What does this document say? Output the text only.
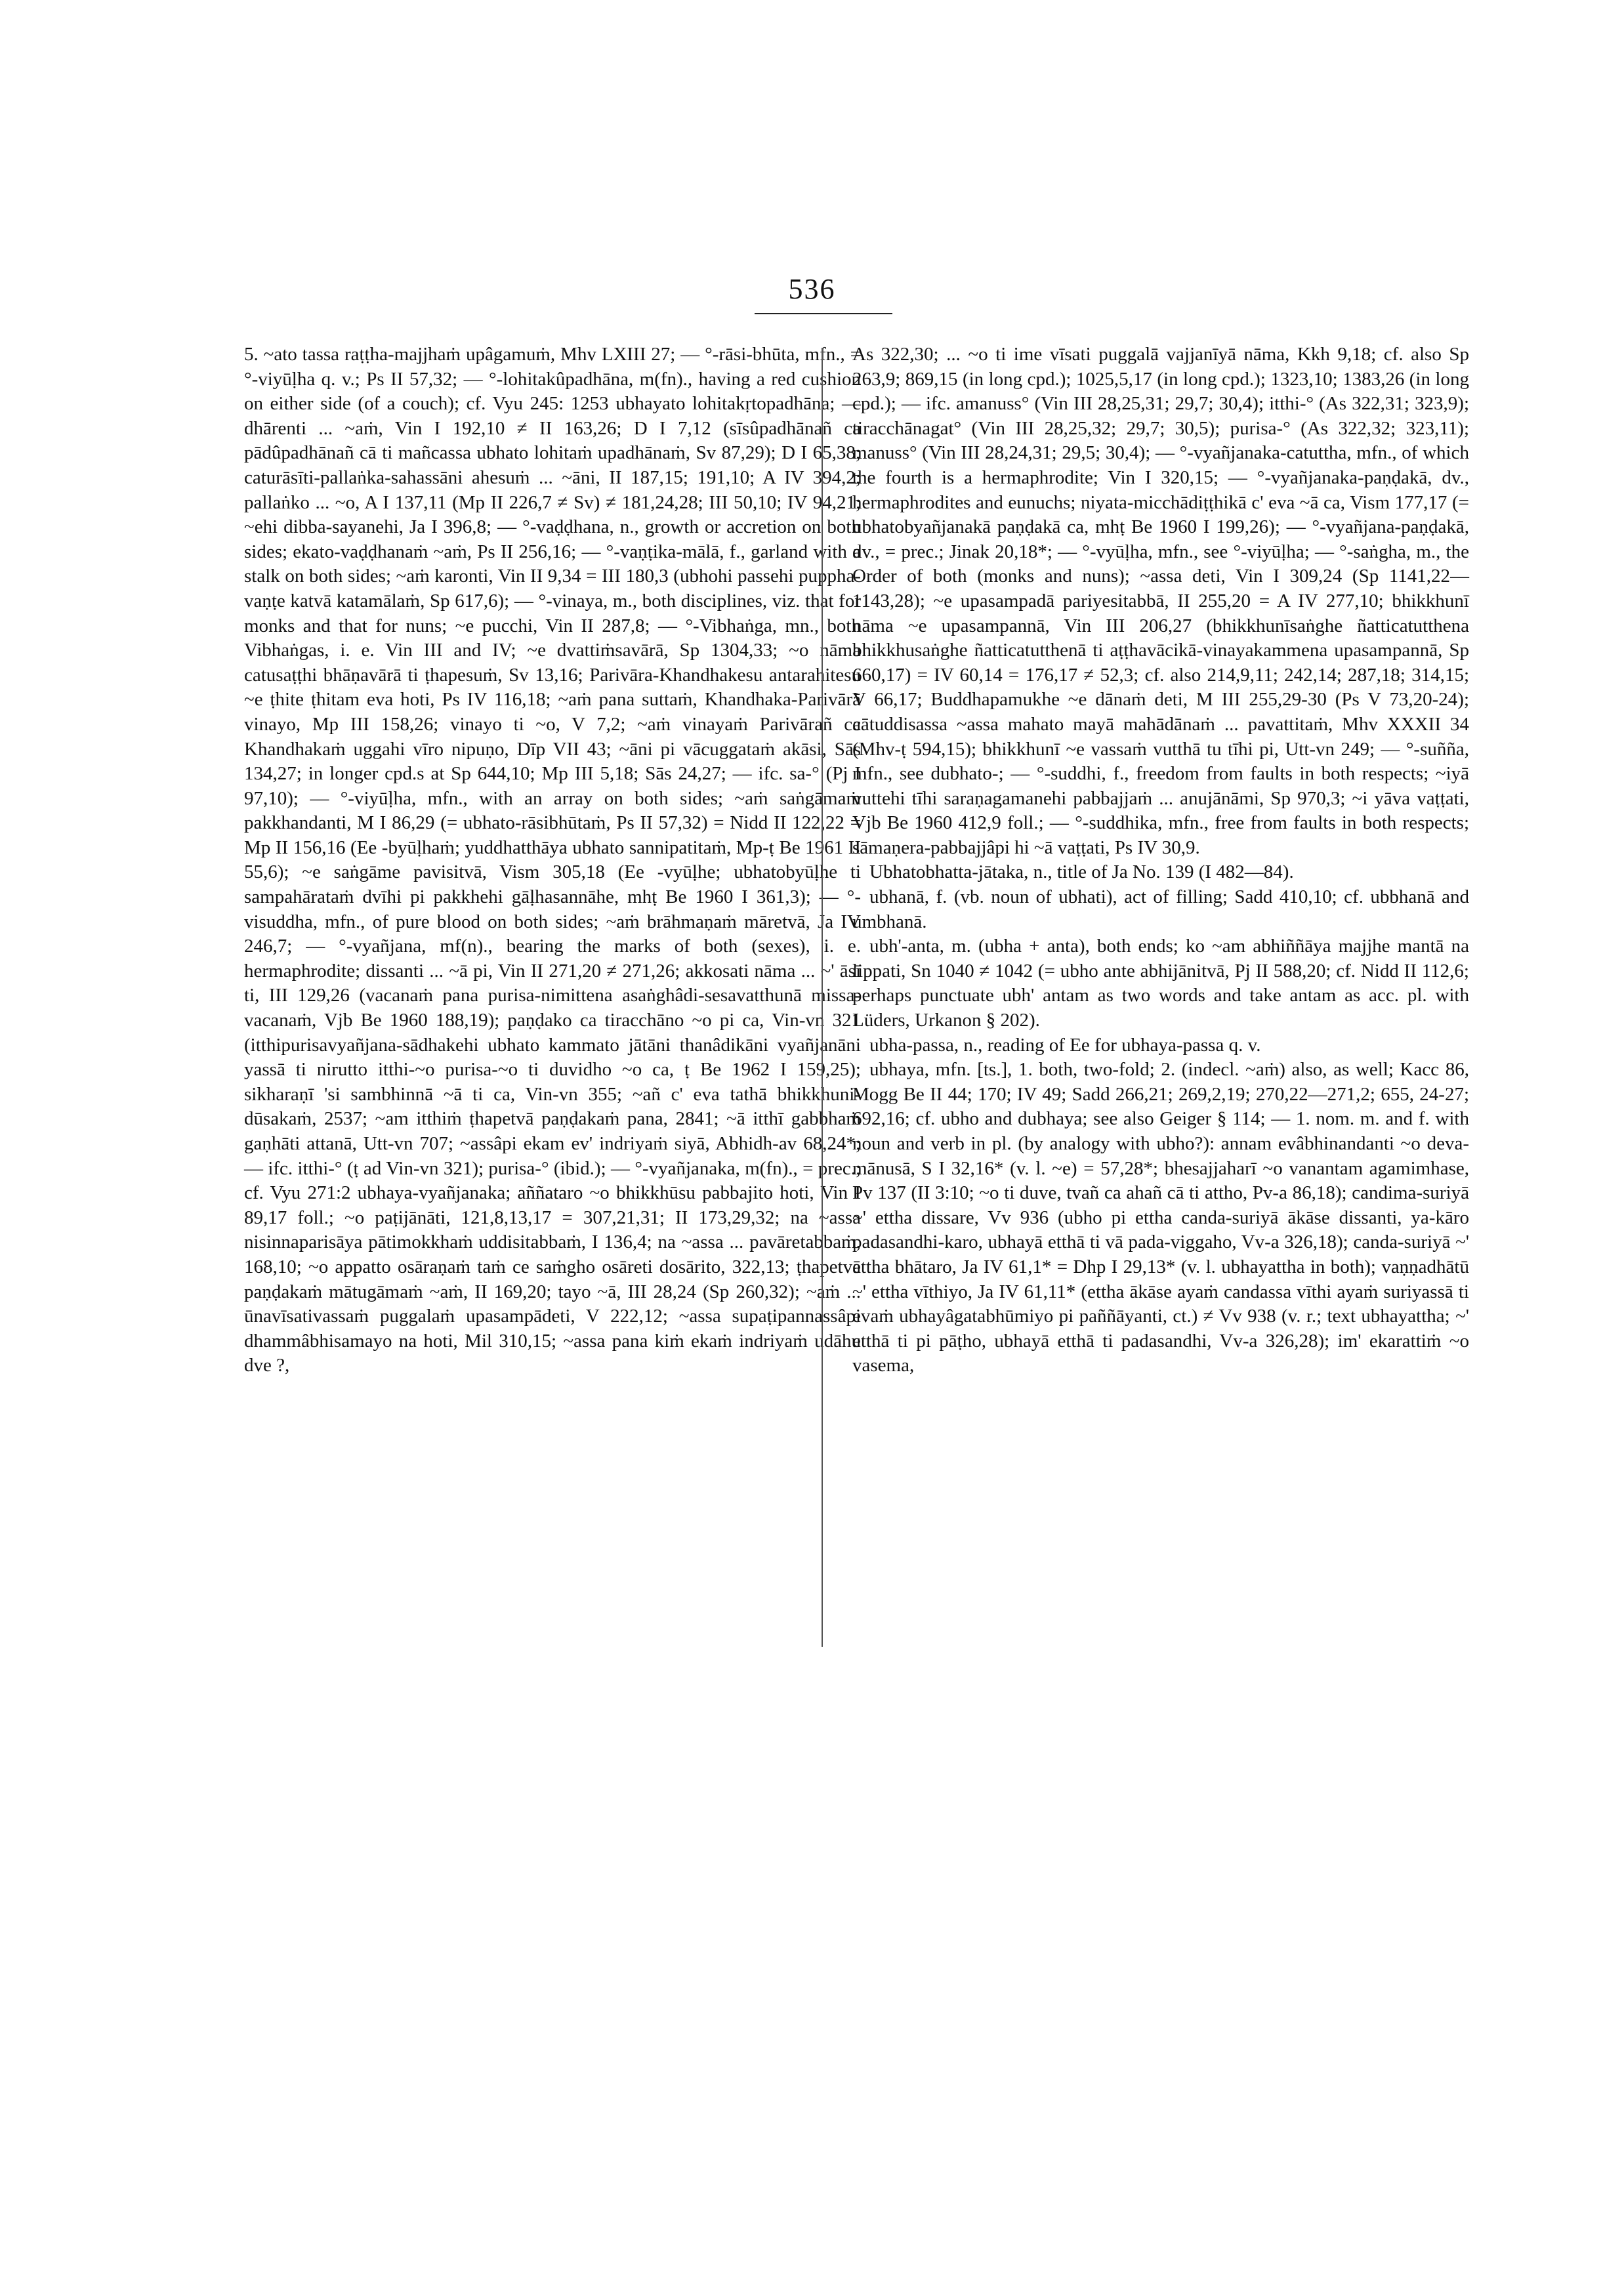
536

5. ~ato tassa raṭṭha-majjhaṁ upâgamuṁ, Mhv LXIII 27; — °-rāsi-bhūta, mfn., = °-viyūḷha q. v.; Ps II 57,32; — °-lohitakûpadhāna, m(fn)., having a red cushion on either side (of a couch); cf. Vyu 245: 1253 ubhayato lohitakṛtopadhāna; — dhārenti ... ~aṁ, Vin I 192,10 ≠ II 163,26; D I 7,12 (sīsûpadhānañ ca pādûpadhānañ cā ti mañcassa ubhato lohitaṁ upadhānaṁ, Sv 87,29); D I 65,38; caturāsīti-pallaṅka-sahassāni ahesuṁ ... ~āni, II 187,15; 191,10; A IV 394,2; pallaṅko ... ~o, A I 137,11 (Mp II 226,7 ≠ Sv) ≠ 181,24,28; III 50,10; IV 94,21; ~ehi dibba-sayanehi, Ja I 396,8; — °-vaḍḍhana, n., growth or accretion on both sides; ekato-vaḍḍhanaṁ ~aṁ, Ps II 256,16; — °-vaṇṭika-mālā, f., garland with a stalk on both sides; ~aṁ karonti, Vin II 9,34 = III 180,3 (ubhohi passehi puppha-vaṇṭe katvā katamālaṁ, Sp 617,6); — °-vinaya, m., both disciplines, viz. that for monks and that for nuns; ~e pucchi, Vin II 287,8; — °-Vibhaṅga, mn., both Vibhaṅgas, i. e. Vin III and IV; ~e dvattiṁsavārā, Sp 1304,33; ~o nāma catusaṭṭhi bhāṇavārā ti ṭhapesuṁ, Sv 13,16; Parivāra-Khandhakesu antarahitesu ~e ṭhite ṭhitam eva hoti, Ps IV 116,18; ~aṁ pana suttaṁ, Khandhaka-Parivārā vinayo, Mp III 158,26; vinayo ti ~o, V 7,2; ~aṁ vinayaṁ Parivārañ ca Khandhakaṁ uggahi vīro nipuṇo, Dīp VII 43; ~āni pi vācuggataṁ akāsi, Sās 134,27; in longer cpd.s at Sp 644,10; Mp III 5,18; Sās 24,27; — ifc. sa-° (Pj I 97,10); — °-viyūḷha, mfn., with an array on both sides; ~aṁ saṅgāmaṁ pakkhandanti, M I 86,29 (= ubhato-rāsibhūtaṁ, Ps II 57,32) = Nidd II 122,22 = Mp II 156,16 (Ee -byūḷhaṁ; yuddhatthāya ubhato sannipatitaṁ, Mp-ṭ Be 1961 II 55,6); ~e saṅgāme pavisitvā, Vism 305,18 (Ee -vyūḷhe; ubhatobyūḷhe ti sampahārataṁ dvīhi pi pakkhehi gāḷhasannāhe, mhṭ Be 1960 I 361,3); — °-visuddha, mfn., of pure blood on both sides; ~aṁ brāhmaṇaṁ māretvā, Ja IV 246,7; — °-vyañjana, mf(n)., bearing the marks of both (sexes), i. e. hermaphrodite; dissanti ... ~ā pi, Vin II 271,20 ≠ 271,26; akkosati nāma ... ~' āsī ti, III 129,26 (vacanaṁ pana purisa-nimittena asaṅghâdi-sesavatthunā missa-vacanaṁ, Vjb Be 1960 188,19); paṇḍako ca tiracchāno ~o pi ca, Vin-vn 321 (itthipurisavyañjana-sādhakehi ubhato kammato jātāni thanâdikāni vyañjanāni yassā ti nirutto itthi-~o purisa-~o ti duvidho ~o ca, ṭ Be 1962 I 159,25); sikharaṇī 'si sambhinnā ~ā ti ca, Vin-vn 355; ~añ c' eva tathā bhikkhuni-dūsakaṁ, 2537; ~am itthiṁ ṭhapetvā paṇḍakaṁ pana, 2841; ~ā itthī gabbhaṁ gaṇhāti attanā, Utt-vn 707; ~assâpi ekam ev' indriyaṁ siyā, Abhidh-av 68,24*; — ifc. itthi-° (ṭ ad Vin-vn 321); purisa-° (ibid.); — °-vyañjanaka, m(fn)., = prec.; cf. Vyu 271:2 ubhaya-vyañjanaka; aññataro ~o bhikkhūsu pabbajito hoti, Vin I 89,17 foll.; ~o paṭijānāti, 121,8,13,17 = 307,21,31; II 173,29,32; na ~assa nisinnaparisāya pātimokkhaṁ uddisitabbaṁ, I 136,4; na ~assa ... pavāretabbaṁ, 168,10; ~o appatto osāraṇaṁ taṁ ce saṁgho osāreti dosārito, 322,13; ṭhapetvā paṇḍakaṁ mātugāmaṁ ~aṁ, II 169,20; tayo ~ā, III 28,24 (Sp 260,32); ~aṁ ... ūnavīsativassaṁ puggalaṁ upasampādeti, V 222,12; ~assa supaṭipannassâpi dhammâbhisamayo na hoti, Mil 310,15; ~assa pana kiṁ ekaṁ indriyaṁ udāhu dve ?,

As 322,30; ... ~o ti ime vīsati puggalā vajjanīyā nāma, Kkh 9,18; cf. also Sp 263,9; 869,15 (in long cpd.); 1025,5,17 (in long cpd.); 1323,10; 1383,26 (in long cpd.); — ifc. amanuss° (Vin III 28,25,31; 29,7; 30,4); itthi-° (As 322,31; 323,9); tiracchānagat° (Vin III 28,25,32; 29,7; 30,5); purisa-° (As 322,32; 323,11); manuss° (Vin III 28,24,31; 29,5; 30,4); — °-vyañjanaka-catuttha, mfn., of which the fourth is a hermaphrodite; Vin I 320,15; — °-vyañjanaka-paṇḍakā, dv., hermaphrodites and eunuchs; niyata-micchādiṭṭhikā c' eva ~ā ca, Vism 177,17 (= ubhatobyañjanakā paṇḍakā ca, mhṭ Be 1960 I 199,26); — °-vyañjana-paṇḍakā, dv., = prec.; Jinak 20,18*; — °-vyūḷha, mfn., see °-viyūḷha; — °-saṅgha, m., the Order of both (monks and nuns); ~assa deti, Vin I 309,24 (Sp 1141,22—1143,28); ~e upasampadā pariyesitabbā, II 255,20 = A IV 277,10; bhikkhunī nāma ~e upasampannā, Vin III 206,27 (bhikkhunīsaṅghe ñatticatutthena bhikkhusaṅghe ñatticatutthenā ti aṭṭhavācikā-vinayakammena upasampannā, Sp 660,17) = IV 60,14 = 176,17 ≠ 52,3; cf. also 214,9,11; 242,14; 287,18; 314,15; V 66,17; Buddhapamukhe ~e dānaṁ deti, M III 255,29-30 (Ps V 73,20-24); cātuddisassa ~assa mahato mayā mahādānaṁ ... pavattitaṁ, Mhv XXXII 34 (Mhv-ṭ 594,15); bhikkhunī ~e vassaṁ vutthā tu tīhi pi, Utt-vn 249; — °-suñña, mfn., see dubhato-; — °-suddhi, f., freedom from faults in both respects; ~iyā vuttehi tīhi saraṇagamanehi pabbajjaṁ ... anujānāmi, Sp 970,3; ~i yāva vaṭṭati, Vjb Be 1960 412,9 foll.; — °-suddhika, mfn., free from faults in both respects; sāmaṇera-pabbajjâpi hi ~ā vaṭṭati, Ps IV 30,9.

Ubhatobhatta-jātaka, n., title of Ja No. 139 (I 482—84).

ubhanā, f. (vb. noun of ubhati), act of filling; Sadd 410,10; cf. ubbhanā and umbhanā.

ubh'-anta, m. (ubha + anta), both ends; ko ~am abhiññāya majjhe mantā na lippati, Sn 1040 ≠ 1042 (= ubho ante abhijānitvā, Pj II 588,20; cf. Nidd II 112,6; perhaps punctuate ubh' antam as two words and take antam as acc. pl. with Lüders, Urkanon § 202).

ubha-passa, n., reading of Ee for ubhaya-passa q. v.

ubhaya, mfn. [ts.], 1. both, two-fold; 2. (indecl. ~aṁ) also, as well; Kacc 86, Mogg Be II 44; 170; IV 49; Sadd 266,21; 269,2,19; 270,22—271,2; 655, 24-27; 692,16; cf. ubho and dubhaya; see also Geiger § 114; — 1. nom. m. and f. with noun and verb in pl. (by analogy with ubho?): annam evâbhinandanti ~o deva-mānusā, S I 32,16* (v. l. ~e) = 57,28*; bhesajjaharī ~o vanantam agamimhase, Pv 137 (II 3:10; ~o ti duve, tvañ ca ahañ cā ti attho, Pv-a 86,18); candima-suriyā ~' ettha dissare, Vv 936 (ubho pi ettha canda-suriyā ākāse dissanti, ya-kāro padasandhi-karo, ubhayā etthā ti vā pada-viggaho, Vv-a 326,18); canda-suriyā ~' ettha bhātaro, Ja IV 61,1* = Dhp I 29,13* (v. l. ubhayattha in both); vaṇṇadhātū ~' ettha vīthiyo, Ja IV 61,11* (ettha ākāse ayaṁ candassa vīthi ayaṁ suriyassā ti evaṁ ubhayâgatabhūmiyo pi paññāyanti, ct.) ≠ Vv 938 (v. r.; text ubhayattha; ~' etthā ti pi pāṭho, ubhayā etthā ti padasandhi, Vv-a 326,28); im' ekarattiṁ ~o vasema,
